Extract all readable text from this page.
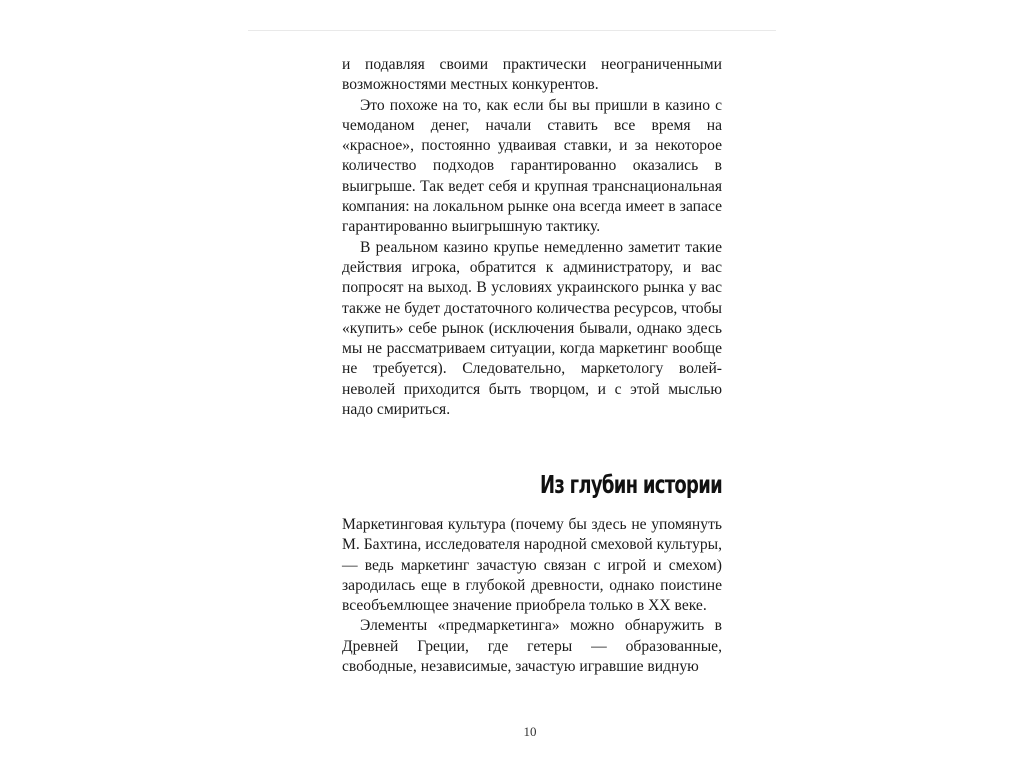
и подавляя своими практически неограниченными возможностями местных конкурентов.

Это похоже на то, как если бы вы пришли в казино с чемоданом денег, начали ставить все время на «красное», постоянно удваивая ставки, и за некоторое количество подходов гарантированно оказались в выигрыше. Так ведет себя и крупная транснациональная компания: на локальном рынке она всегда имеет в запасе гарантированно выигрышную тактику.

В реальном казино крупье немедленно заметит такие действия игрока, обратится к администратору, и вас попросят на выход. В условиях украинского рынка у вас также не будет достаточного количества ресурсов, чтобы «купить» себе рынок (исключения бывали, однако здесь мы не рассматриваем ситуации, когда маркетинг вообще не требуется). Следовательно, маркетологу волей-неволей приходится быть творцом, и с этой мыслью надо смириться.

Из глубин истории

Маркетинговая культура (почему бы здесь не упомянуть М. Бахтина, исследователя народной смеховой культуры,— ведь маркетинг зачастую связан с игрой и смехом) зародилась еще в глубокой древности, однако поистине всеобъемлющее значение приобрела только в XX веке.

Элементы «предмаркетинга» можно обнаружить в Древней Греции, где гетеры — образованные, свободные, независимые, зачастую игравшие видную

10
